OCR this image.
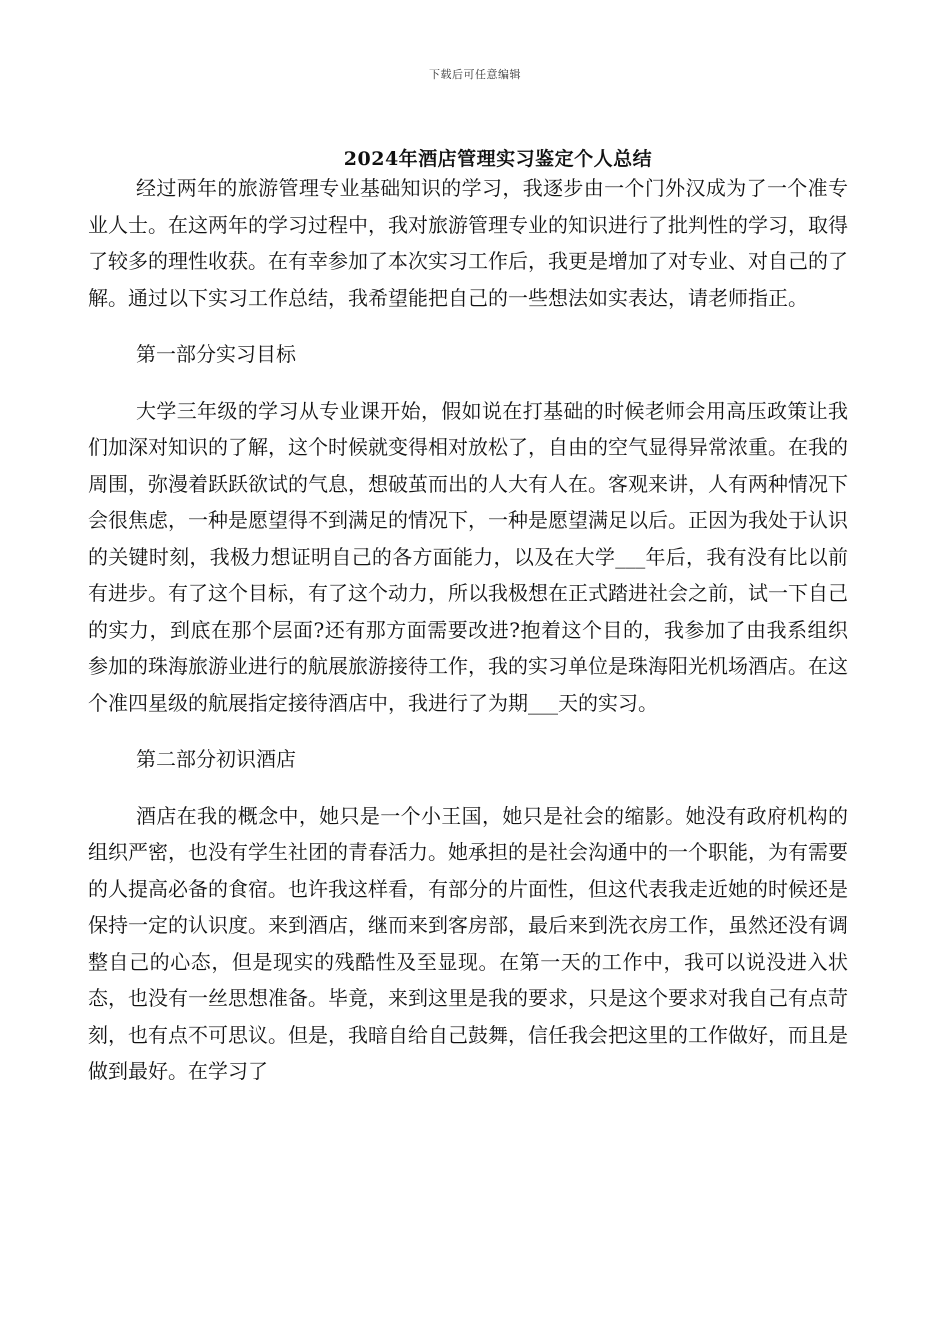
下载后可任意编辑
2024年酒店管理实习鉴定个人总结

经过两年的旅游管理专业基础知识的学习，我逐步由一个门外汉成为了一个准专业人士。在这两年的学习过程中，我对旅游管理专业的知识进行了批判性的学习，取得了较多的理性收获。在有幸参加了本次实习工作后，我更是增加了对专业、对自己的了解。通过以下实习工作总结，我希望能把自己的一些想法如实表达，请老师指正。

第一部分实习目标

大学三年级的学习从专业课开始，假如说在打基础的时候老师会用高压政策让我们加深对知识的了解，这个时候就变得相对放松了，自由的空气显得异常浓重。在我的周围，弥漫着跃跃欲试的气息，想破茧而出的人大有人在。客观来讲，人有两种情况下会很焦虑，一种是愿望得不到满足的情况下，一种是愿望满足以后。正因为我处于认识的关键时刻，我极力想证明自己的各方面能力，以及在大学___年后，我有没有比以前有进步。有了这个目标，有了这个动力，所以我极想在正式踏进社会之前，试一下自己的实力，到底在那个层面?还有那方面需要改进?抱着这个目的，我参加了由我系组织参加的珠海旅游业进行的航展旅游接待工作，我的实习单位是珠海阳光机场酒店。在这个准四星级的航展指定接待酒店中，我进行了为期___天的实习。

第二部分初识酒店

酒店在我的概念中，她只是一个小王国，她只是社会的缩影。她没有政府机构的组织严密，也没有学生社团的青春活力。她承担的是社会沟通中的一个职能，为有需要的人提高必备的食宿。也许我这样看，有部分的片面性，但这代表我走近她的时候还是保持一定的认识度。来到酒店，继而来到客房部，最后来到洗衣房工作，虽然还没有调整自己的心态，但是现实的残酷性及至显现。在第一天的工作中，我可以说没进入状态，也没有一丝思想准备。毕竟，来到这里是我的要求，只是这个要求对我自己有点苛刻，也有点不可思议。但是，我暗自给自己鼓舞，信任我会把这里的工作做好，而且是做到最好。在学习了
